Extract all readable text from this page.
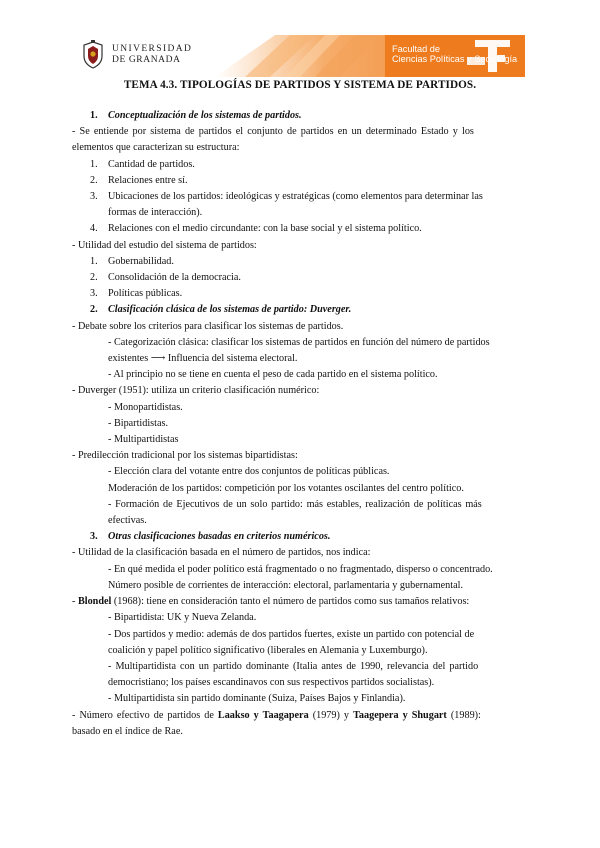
UNIVERSIDAD
DE GRANADA
Facultad de
Ciencias Políticas y Sociología
TEMA 4.3. TIPOLOGÍAS DE PARTIDOS Y SISTEMA DE PARTIDOS.
1. Conceptualización de los sistemas de partidos.
- Se entiende por sistema de partidos el conjunto de partidos en un determinado Estado y los
elementos que caracterizan su estructura:
1. Cantidad de partidos.
2. Relaciones entre sí.
3. Ubicaciones de los partidos: ideológicas y estratégicas (como elementos para determinar las
formas de interacción).
4. Relaciones con el medio circundante: con la base social y el sistema político.
- Utilidad del estudio del sistema de partidos:
1. Gobernabilidad.
2. Consolidación de la democracia.
3. Políticas públicas.
2. Clasificación clásica de los sistemas de partido: Duverger.
- Debate sobre los criterios para clasificar los sistemas de partidos.
- Categorización clásica: clasificar los sistemas de partidos en función del número de partidos
existentes ⟶ Influencia del sistema electoral.
- Al principio no se tiene en cuenta el peso de cada partido en el sistema político.
- Duverger (1951): utiliza un criterio clasificación numérico:
- Monopartidistas.
- Bipartidistas.
- Multipartidistas
- Predilección tradicional por los sistemas bipartidistas:
- Elección clara del votante entre dos conjuntos de políticas públicas.
Moderación de los partidos: competición por los votantes oscilantes del centro político.
- Formación de Ejecutivos de un solo partido: más estables, realización de políticas más
efectivas.
3. Otras clasificaciones basadas en criterios numéricos.
- Utilidad de la clasificación basada en el número de partidos, nos indica:
- En qué medida el poder político está fragmentado o no fragmentado, disperso o concentrado.
Número posible de corrientes de interacción: electoral, parlamentaria y gubernamental.
- Blondel (1968): tiene en consideración tanto el número de partidos como sus tamaños relativos:
- Bipartidista: UK y Nueva Zelanda.
- Dos partidos y medio: además de dos partidos fuertes, existe un partido con potencial de
coalición y papel político significativo (liberales en Alemania y Luxemburgo).
- Multipartidista con un partido dominante (Italia antes de 1990, relevancia del partido
democristiano; los países escandinavos con sus respectivos partidos socialistas).
- Multipartidista sin partido dominante (Suiza, Países Bajos y Finlandia).
- Número efectivo de partidos de Laakso y Taagapera (1979) y Taagepera y Shugart (1989):
basado en el índice de Rae.
